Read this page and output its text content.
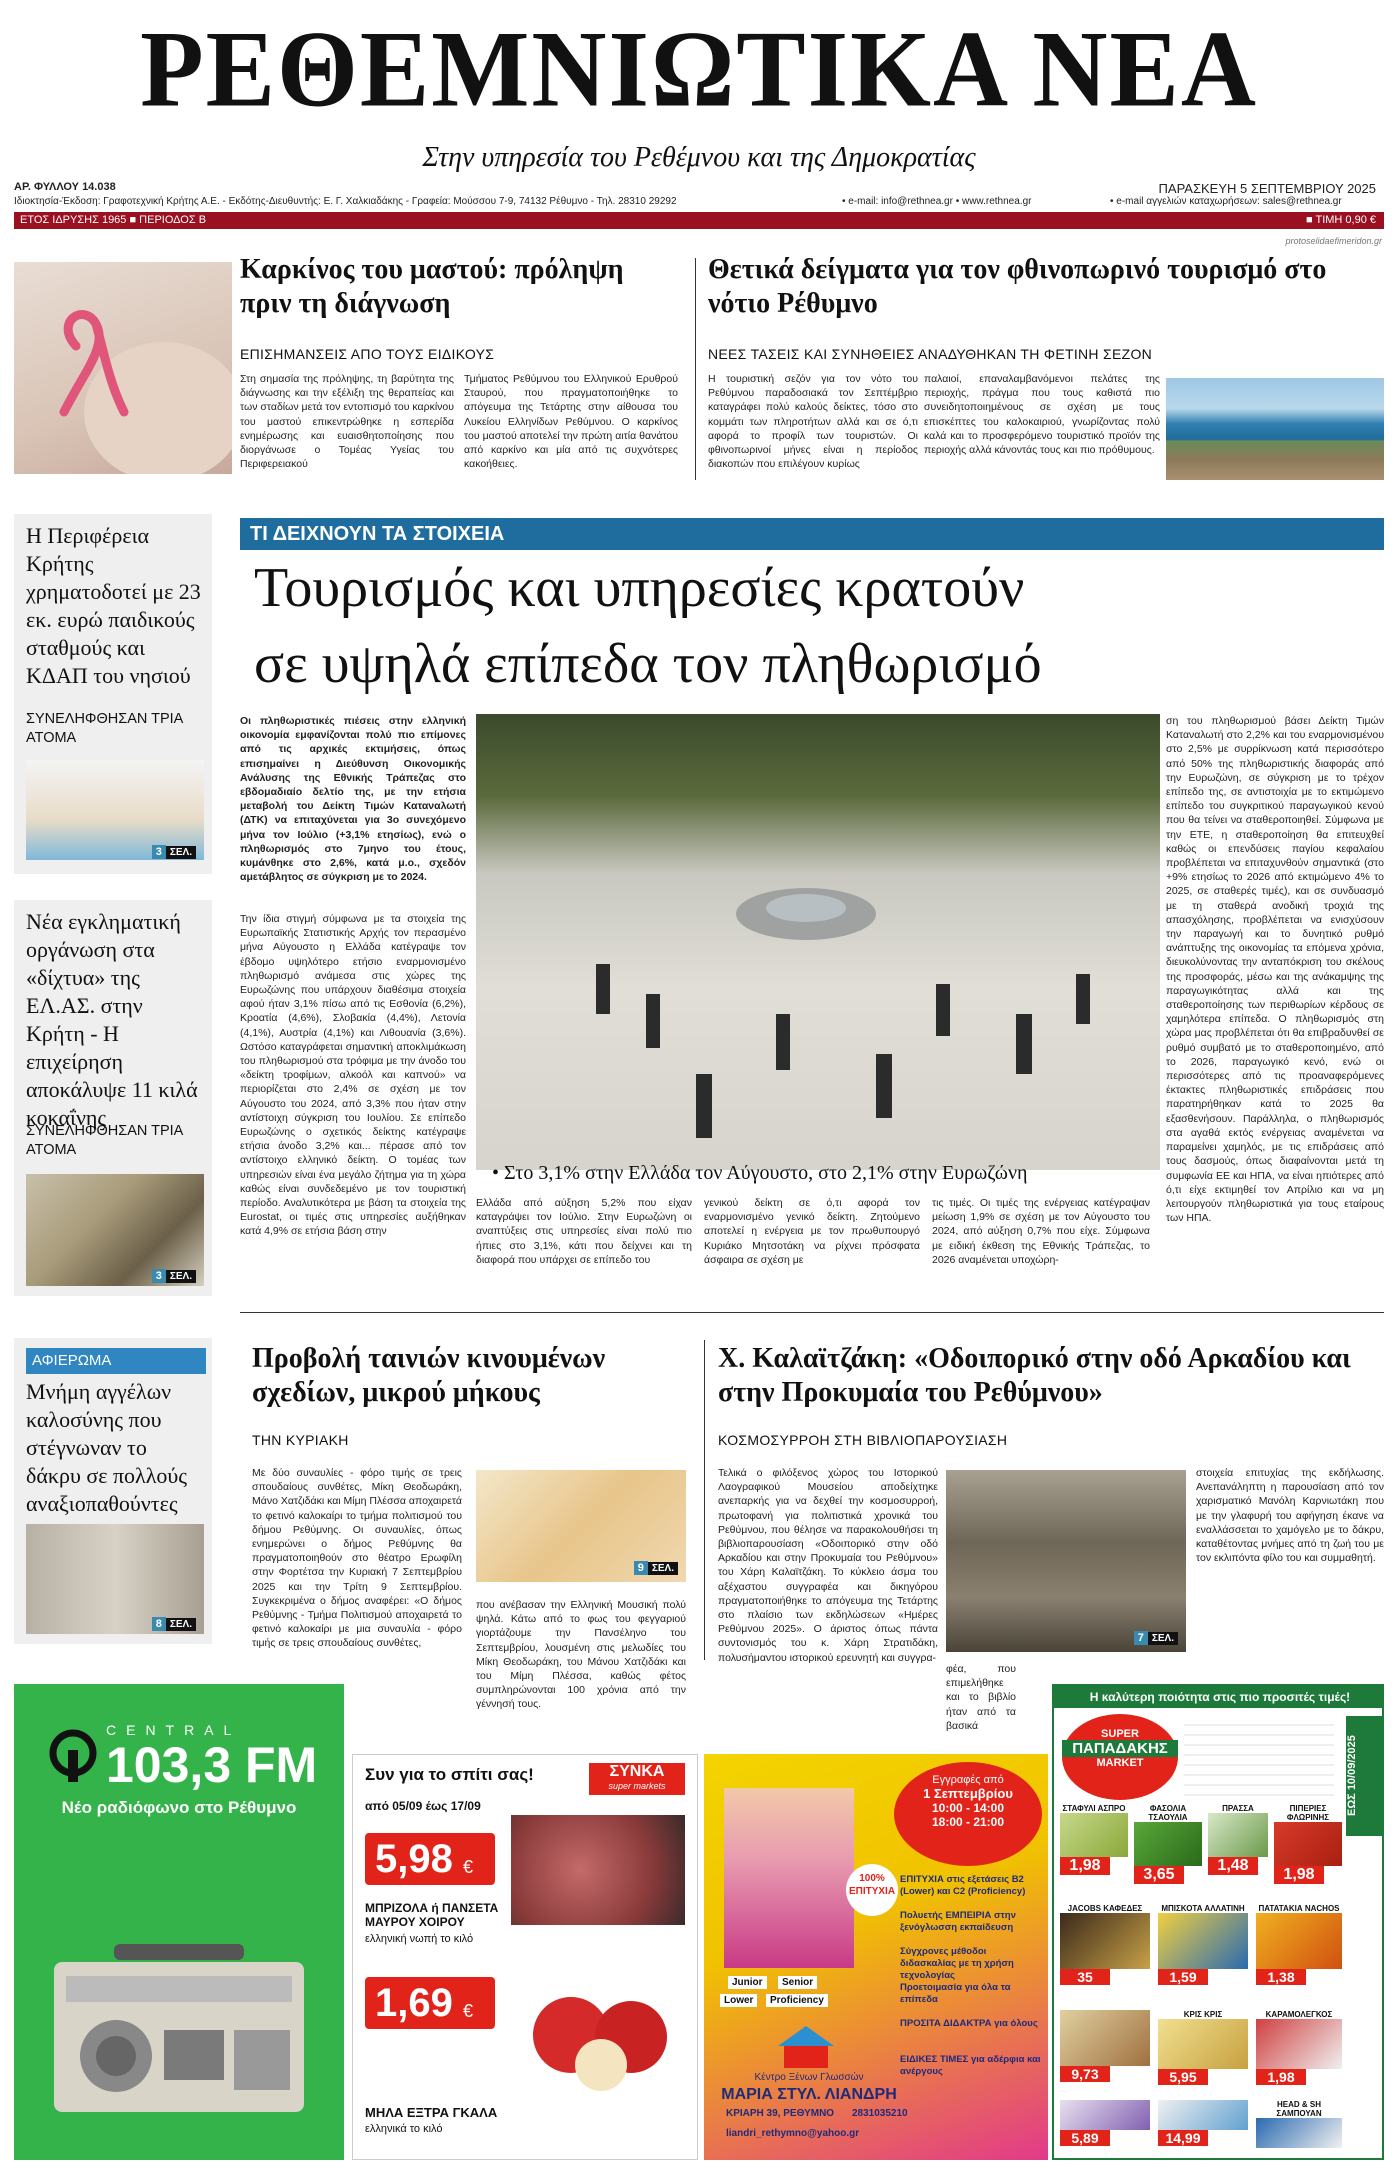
ΡΕΘΕΜΝΙΩΤΙΚΑ ΝΕΑ
Στην υπηρεσία του Ρεθέμνου και της Δημοκρατίας
ΑΡ. ΦΥΛΛΟΥ 14.038
Ιδιοκτησία-Έκδοση: Γραφοτεχνική Κρήτης Α.Ε. - Εκδότης-Διευθυντής: Ε. Γ. Χαλκιαδάκης - Γραφεία: Μούσσου 7-9, 74132 Ρέθυμνο - Τηλ. 28310 29292
ΠΑΡΑΣΚΕΥΗ 5 ΣΕΠΤΕΜΒΡΙΟΥ 2025
• e-mail: info@rethnea.gr • www.rethnea.gr	• e-mail αγγελιών καταχωρήσεων: sales@rethnea.gr
ΕΤΟΣ ΙΔΡΥΣΗΣ 1965 ■ ΠΕΡΙΟΔΟΣ Β	■ ΤΙΜΗ 0,90 €
protoselidaefimeridon.gr
Καρκίνος του μαστού: πρόληψη πριν τη διάγνωση
ΕΠΙΣΗΜΑΝΣΕΙΣ ΑΠΟ ΤΟΥΣ ΕΙΔΙΚΟΥΣ
Στη σημασία της πρόληψης, τη βαρύτητα της διάγνωσης και την εξέλιξη της θεραπείας και των σταδίων μετά τον εντοπισμό του καρκίνου του μαστού επικεντρώθηκε η εσπερίδα ενημέρωσης και ευαισθητοποίησης που διοργάνωσε ο Τομέας Υγείας του Περιφερειακού
Τμήματος Ρεθύμνου του Ελληνικού Ερυθρού Σταυρού, που πραγματοποιήθηκε το απόγευμα της Τετάρτης στην αίθουσα του Λυκείου Ελληνίδων Ρεθύμνου. Ο καρκίνος του μαστού αποτελεί την πρώτη αιτία θανάτου από καρκίνο και μία από τις συχνότερες κακοήθειες.
Θετικά δείγματα για τον φθινοπωρινό τουρισμό στο νότιο Ρέθυμνο
ΝΕΕΣ ΤΑΣΕΙΣ ΚΑΙ ΣΥΝΗΘΕΙΕΣ ΑΝΑΔΥΘΗΚΑΝ ΤΗ ΦΕΤΙΝΗ ΣΕΖΟΝ
Η τουριστική σεζόν για τον νότο του Ρεθύμνου παραδοσιακά τον Σεπτέμβριο καταγράφει πολύ καλούς δείκτες, τόσο στο κομμάτι των πληροτήτων αλλά και σε ό,τι αφορά το προφίλ των τουριστών. Οι φθινοπωρινοί μήνες είναι η περίοδος διακοπών που επιλέγουν κυρίως
παλαιοί, επαναλαμβανόμενοι πελάτες της περιοχής, πράγμα που τους καθιστά πιο συνειδητοποιημένους σε σχέση με τους επισκέπτες του καλοκαιριού, γνωρίζοντας πολύ καλά και το προσφερόμενο τουριστικό προϊόν της περιοχής αλλά κάνοντάς τους και πιο πρόθυμους.
Η Περιφέρεια Κρήτης χρηματοδοτεί με 23 εκ. ευρώ παιδικούς σταθμούς και ΚΔΑΠ του νησιού
ΣΥΝΕΛΗΦΘΗΣΑΝ ΤΡΙΑ ΑΤΟΜΑ
3 ΣΕΛ.
Νέα εγκληματική οργάνωση στα «δίχτυα» της ΕΛ.ΑΣ. στην Κρήτη - Η επιχείρηση αποκάλυψε 11 κιλά κοκαΐνης
ΣΥΝΕΛΗΦΘΗΣΑΝ ΤΡΙΑ ΑΤΟΜΑ
3 ΣΕΛ.
ΑΦΙΕΡΩΜΑ
Μνήμη αγγέλων καλοσύνης που στέγνωναν το δάκρυ σε πολλούς αναξιοπαθούντες
8 ΣΕΛ.
ΤΙ ΔΕΙΧΝΟΥΝ ΤΑ ΣΤΟΙΧΕΙΑ
Τουρισμός και υπηρεσίες κρατούν
σε υψηλά επίπεδα τον πληθωρισμό
Οι πληθωριστικές πιέσεις στην ελληνική οικονομία εμφανίζονται πολύ πιο επίμονες από τις αρχικές εκτιμήσεις, όπως επισημαίνει η Διεύθυνση Οικονομικής Ανάλυσης της Εθνικής Τράπεζας στο εβδομαδιαίο δελτίο της, με την ετήσια μεταβολή του Δείκτη Τιμών Καταναλωτή (ΔΤΚ) να επιταχύνεται για 3ο συνεχόμενο μήνα τον Ιούλιο (+3,1% ετησίως), ενώ ο πληθωρισμός στο 7μηνο του έτους, κυμάνθηκε στο 2,6%, κατά μ.ο., σχεδόν αμετάβλητος σε σύγκριση με το 2024.
Την ίδια στιγμή σύμφωνα με τα στοιχεία της Ευρωπαϊκής Στατιστικής Αρχής τον περασμένο μήνα Αύγουστο η Ελλάδα κατέγραψε τον έβδομο υψηλότερο ετήσιο εναρμονισμένο πληθωρισμό ανάμεσα στις χώρες της Ευρωζώνης που υπάρχουν διαθέσιμα στοιχεία αφού ήταν 3,1% πίσω από τις Εσθονία (6,2%), Κροατία (4,6%), Σλοβακία (4,4%), Λετονία (4,1%), Αυστρία (4,1%) και Λιθουανία (3,6%). Ωστόσο καταγράφεται σημαντική αποκλιμάκωση του πληθωρισμού στα τρόφιμα με την άνοδο του «δείκτη τροφίμων, αλκοόλ και καπνού» να περιορίζεται στο 2,4% σε σχέση με τον Αύγουστο του 2024, από 3,3% που ήταν στην αντίστοιχη σύγκριση του Ιουλίου. Σε επίπεδο Ευρωζώνης ο σχετικός δείκτης κατέγραψε ετήσια άνοδο 3,2% και... πέρασε από τον αντίστοιχο ελληνικό δείκτη. Ο τομέας των υπηρεσιών είναι ένα μεγάλο ζήτημα για τη χώρα καθώς είναι συνδεδεμένο με τον τουριστική περίοδο. Αναλυτικότερα με βάση τα στοιχεία της Eurostat, οι τιμές στις υπηρεσίες αυξήθηκαν κατά 4,9% σε ετήσια βάση στην
• Στο 3,1% στην Ελλάδα τον Αύγουστο, στο 2,1% στην Ευρωζώνη
Ελλάδα από αύξηση 5,2% που είχαν καταγράψει τον Ιούλιο. Στην Ευρωζώνη οι αναπτύξεις στις υπηρεσίες είναι πολύ πιο ήπιες στο 3,1%, κάτι που δείχνει και τη διαφορά που υπάρχει σε επίπεδο του
γενικού δείκτη σε ό,τι αφορά τον εναρμονισμένο γενικό δείκτη. Ζητούμενο αποτελεί η ενέργεια με τον πρωθυπουργό Κυριάκο Μητσοτάκη να ρίχνει πρόσφατα άσφαιρα σε σχέση με
τις τιμές. Οι τιμές της ενέργειας κατέγραψαν μείωση 1,9% σε σχέση με τον Αύγουστο του 2024, από αύξηση 0,7% που είχε. Σύμφωνα με ειδική έκθεση της Εθνικής Τράπεζας, το 2026 αναμένεται υποχώρη-
ση του πληθωρισμού βάσει Δείκτη Τιμών Καταναλωτή στο 2,2% και του εναρμονισμένου στο 2,5% με συρρίκνωση κατά περισσότερο από 50% της πληθωριστικής διαφοράς από την Ευρωζώνη, σε σύγκριση με το τρέχον επίπεδο της, σε αντιστοιχία με το εκτιμώμενο επίπεδο του συγκριτικού παραγωγικού κενού που θα τείνει να σταθεροποιηθεί. Σύμφωνα με την ΕΤΕ, η σταθεροποίηση θα επιτευχθεί καθώς οι επενδύσεις παγίου κεφαλαίου προβλέπεται να επιταχυνθούν σημαντικά (στο +9% ετησίως το 2026 από εκτιμώμενο 4% το 2025, σε σταθερές τιμές), και σε συνδυασμό με τη σταθερά ανοδική τροχιά της απασχόλησης, προβλέπεται να ενισχύσουν την παραγωγή και το δυνητικό ρυθμό ανάπτυξης της οικονομίας τα επόμενα χρόνια, διευκολύνοντας την ανταπόκριση του σκέλους της προσφοράς, μέσω και της ανάκαμψης της παραγωγικότητας αλλά και της σταθεροποίησης των περιθωρίων κέρδους σε χαμηλότερα επίπεδα. Ο πληθωρισμός στη χώρα μας προβλέπεται ότι θα επιβραδυνθεί σε ρυθμό συμβατό με το σταθεροποιημένο, από το 2026, παραγωγικό κενό, ενώ οι περισσότερες από τις προαναφερόμενες έκτακτες πληθωριστικές επιδράσεις που παρατηρήθηκαν κατά το 2025 θα εξασθενήσουν. Παράλληλα, ο πληθωρισμός στα αγαθά εκτός ενέργειας αναμένεται να παραμείνει χαμηλός, με τις επιδράσεις από τους δασμούς, όπως διαφαίνονται μετά τη συμφωνία ΕΕ και ΗΠΑ, να είναι ηπιότερες από ό,τι είχε εκτιμηθεί τον Απρίλιο και να μη λειτουργούν πληθωριστικά για τους εταίρους των ΗΠΑ.
Προβολή ταινιών κινουμένων σχεδίων, μικρού μήκους
ΤΗΝ ΚΥΡΙΑΚΗ
Με δύο συναυλίες - φόρο τιμής σε τρεις σπουδαίους συνθέτες, Μίκη Θεοδωράκη, Μάνο Χατζιδάκι και Μίμη Πλέσσα αποχαιρετά το φετινό καλοκαίρι το τμήμα πολιτισμού του δήμου Ρεθύμνης. Οι συναυλίες, όπως ενημερώνει ο δήμος Ρεθύμνης θα πραγματοποιηθούν στο θέατρο Ερωφίλη στην Φορτέτσα την Κυριακή 7 Σεπτεμβρίου 2025 και την Τρίτη 9 Σεπτεμβρίου. Συγκεκριμένα ο δήμος αναφέρει: «Ο δήμος Ρεθύμνης - Τμήμα Πολιτισμού αποχαιρετά το φετινό καλοκαίρι με μια συναυλία - φόρο τιμής σε τρεις σπουδαίους συνθέτες,
9 ΣΕΛ.
που ανέβασαν την Ελληνική Μουσική πολύ ψηλά. Κάτω από το φως του φεγγαριού γιορτάζουμε την Πανσέληνο του Σεπτεμβρίου, λουσμένη στις μελωδίες του Μίκη Θεοδωράκη, του Μάνου Χατζιδάκι και του Μίμη Πλέσσα, καθώς φέτος συμπληρώνονται 100 χρόνια από την γέννησή τους.
Χ. Καλαϊτζάκη: «Οδοιπορικό στην οδό Αρκαδίου και στην Προκυμαία του Ρεθύμνου»
ΚΟΣΜΟΣΥΡΡΟΗ ΣΤΗ ΒΙΒΛΙΟΠΑΡΟΥΣΙΑΣΗ
Τελικά ο φιλόξενος χώρος του Ιστορικού Λαογραφικού Μουσείου αποδείχτηκε ανεπαρκής για να δεχθεί την κοσμοσυρροή, πρωτοφανή για πολιτιστικά χρονικά του Ρεθύμνου, που θέλησε να παρακολουθήσει τη βιβλιοπαρουσίαση «Οδοιπορικό στην οδό Αρκαδίου και στην Προκυμαία του Ρεθύμνου» του Χάρη Καλαϊτζάκη. Το κύκλειο άσμα του αξέχαστου συγγραφέα και δικηγόρου πραγματοποιήθηκε το απόγευμα της Τετάρτης στο πλαίσιο των εκδηλώσεων «Ημέρες Ρεθύμνου 2025». Ο άριστος όπως πάντα συντονισμός του κ. Χάρη Στρατιδάκη, πολυσήμαντου ιστορικού ερευνητή και συγγρα-
7 ΣΕΛ.
φέα, που επιμελήθηκε και το βιβλίο ήταν από τα βασικά
στοιχεία επιτυχίας της εκδήλωσης. Ανεπανάληπτη η παρουσίαση από τον χαρισματικό Μανόλη Καρνιωτάκη που με την γλαφυρή του αφήγηση έκανε να εναλλάσσεται το χαμόγελο με το δάκρυ, καταθέτοντας μνήμες από τη ζωή του με τον εκλιπόντα φίλο του και συμμαθητή.
CENTRAL
103,3 FM
Νέο ραδιόφωνο στο Ρέθυμνο
Συν για το σπίτι σας!	ΣΥΝΚΑ
super markets
από 05/09 έως 17/09
5,98 €
ΜΠΡΙΖΟΛΑ ή ΠΑΝΣΕΤΑ ΜΑΥΡΟΥ ΧΟΙΡΟΥ
ελληνική νωπή το κιλό
1,69 €
ΜΗΛΑ ΕΞΤΡΑ ΓΚΑΛΑ
ελληνικά το κιλό
Εγγραφές από
1 Σεπτεμβρίου
10:00 - 14:00
18:00 - 21:00
100% ΕΠΙΤΥΧΙΑ
ΕΠΙΤΥΧΙΑ στις εξετάσεις B2 (Lower) και C2 (Proficiency)
Πολυετής ΕΜΠΕΙΡΙΑ στην ξενόγλωσση εκπαίδευση
Σύγχρονες μέθοδοι διδασκαλίας με τη χρήση τεχνολογίας
Προετοιμασία για όλα τα επίπεδα
ΠΡΟΣΙΤΑ ΔΙΔΑΚΤΡΑ για όλους
ΕΙΔΙΚΕΣ ΤΙΜΕΣ για αδέρφια και ανέργους
Junior	Senior
Lower	Proficiency
Κέντρο Ξένων Γλωσσών
ΜΑΡΙΑ ΣΤΥΛ. ΛΙΑΝΔΡΗ
ΚΡΙΑΡΗ 39, ΡΕΘΥΜΝΟ 2831035210
liandri_rethymno@yahoo.gr
Η καλύτερη ποιότητα στις πιο προσιτές τιμές!
SUPER
ΠΑΠΑΔΑΚΗΣ
MARKET	ΕΩΣ 10/09/2025
ΣΤΑΦΥΛΙ ΑΣΠΡΟ
1,98
ΦΑΣΟΛΙΑ ΤΣΑΟΥΛΙΑ
3,65
ΠΡΑΣΣΑ
1,48
ΠΙΠΕΡΙΕΣ ΦΛΩΡΙΝΗΣ
1,98
JACOBS ΚΑΦΕΔΕΣ
35
ΜΠΙΣΚΟΤΑ ΑΛΛΑΤΙΝΗ
1,59
ΠΑΤΑΤΑΚΙΑ NACHOS
1,38
9,73
ΚΡΙΣ ΚΡΙΣ
5,95
ΚΑΡΑΜΟΛΕΓΚΟΣ
1,98
5,89	14,99
HEAD & SH ΣΑΜΠΟΥΑΝ
